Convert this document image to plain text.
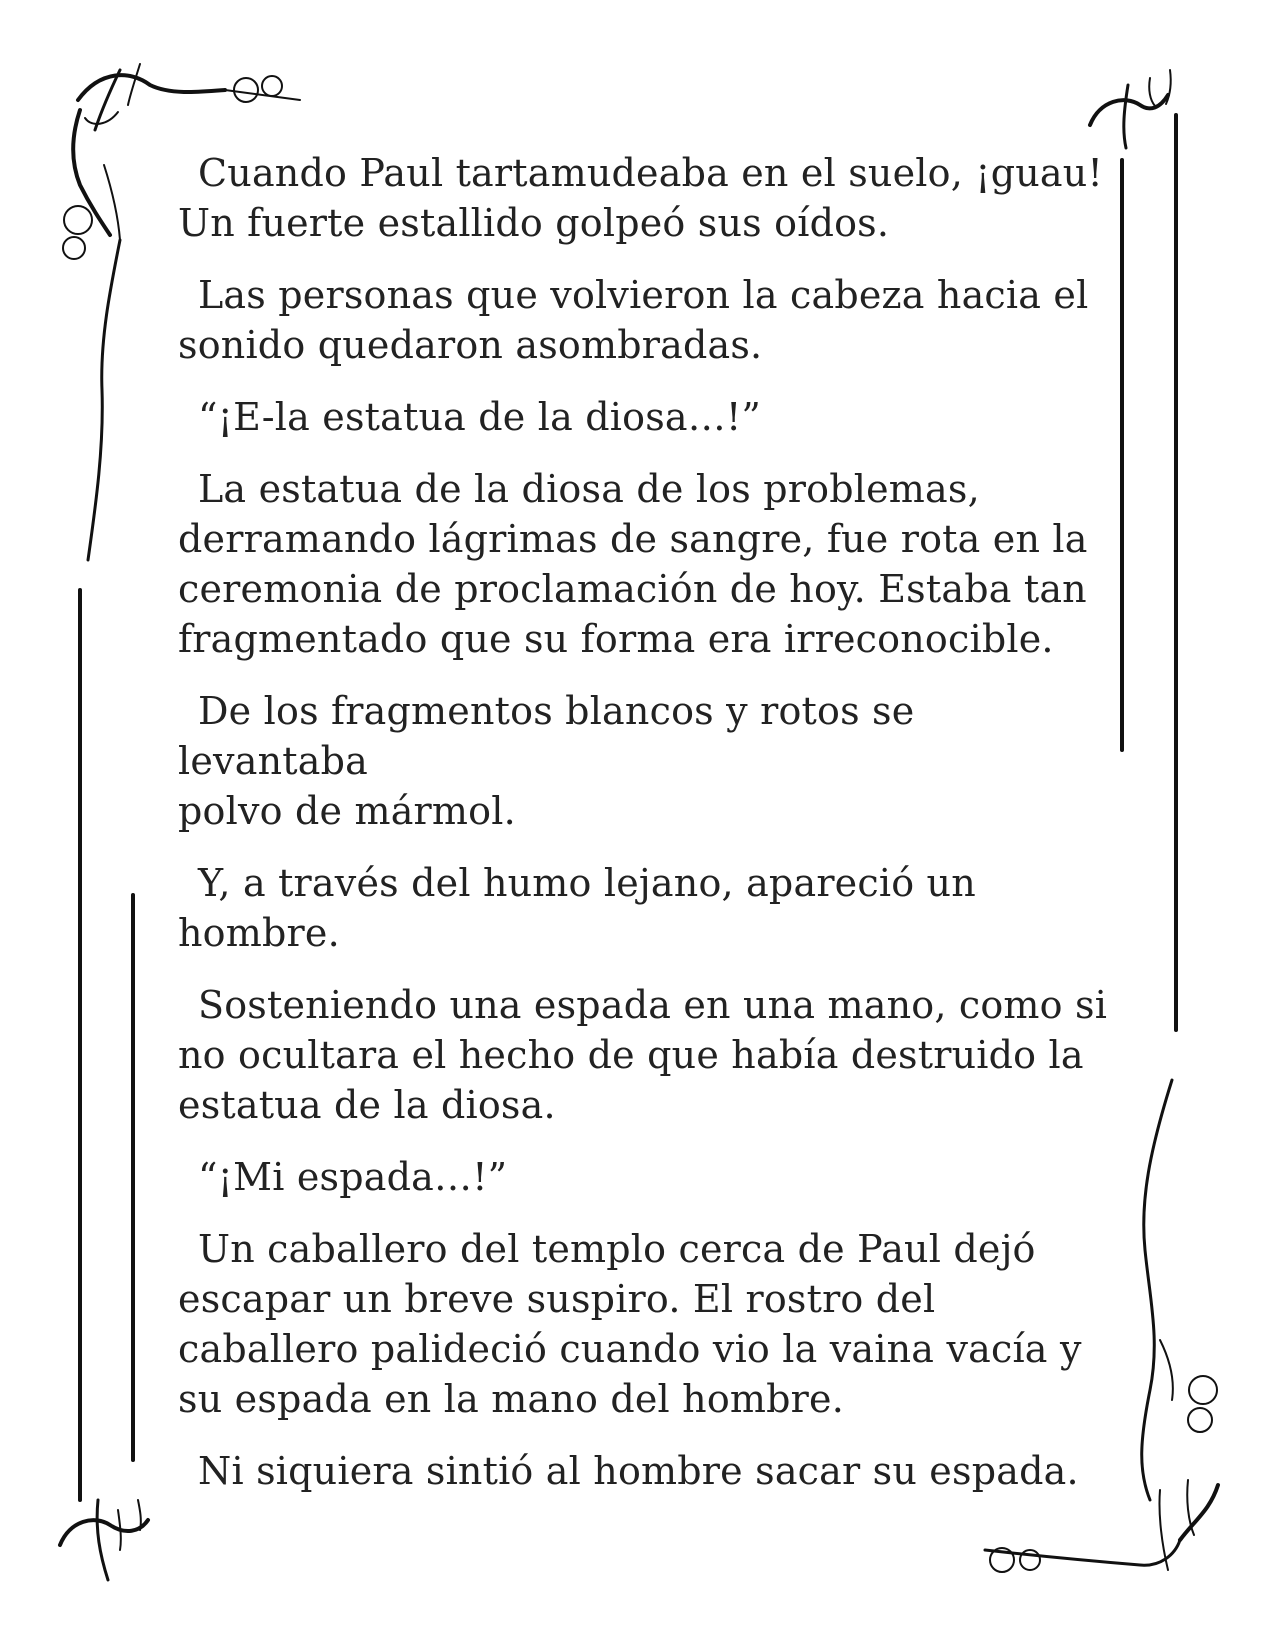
Cuando Paul tartamudeaba en el suelo, ¡guau!
Un fuerte estallido golpeó sus oídos.

Las personas que volvieron la cabeza hacia el
sonido quedaron asombradas.

“¡E-la estatua de la diosa…!”

La estatua de la diosa de los problemas,
derramando lágrimas de sangre, fue rota en la
ceremonia de proclamación de hoy. Estaba tan
fragmentado que su forma era irreconocible.

De los fragmentos blancos y rotos se levantaba
polvo de mármol.

Y, a través del humo lejano, apareció un
hombre.

Sosteniendo una espada en una mano, como si
no ocultara el hecho de que había destruido la
estatua de la diosa.

“¡Mi espada…!”

Un caballero del templo cerca de Paul dejó
escapar un breve suspiro. El rostro del
caballero palideció cuando vio la vaina vacía y
su espada en la mano del hombre.

Ni siquiera sintió al hombre sacar su espada.
